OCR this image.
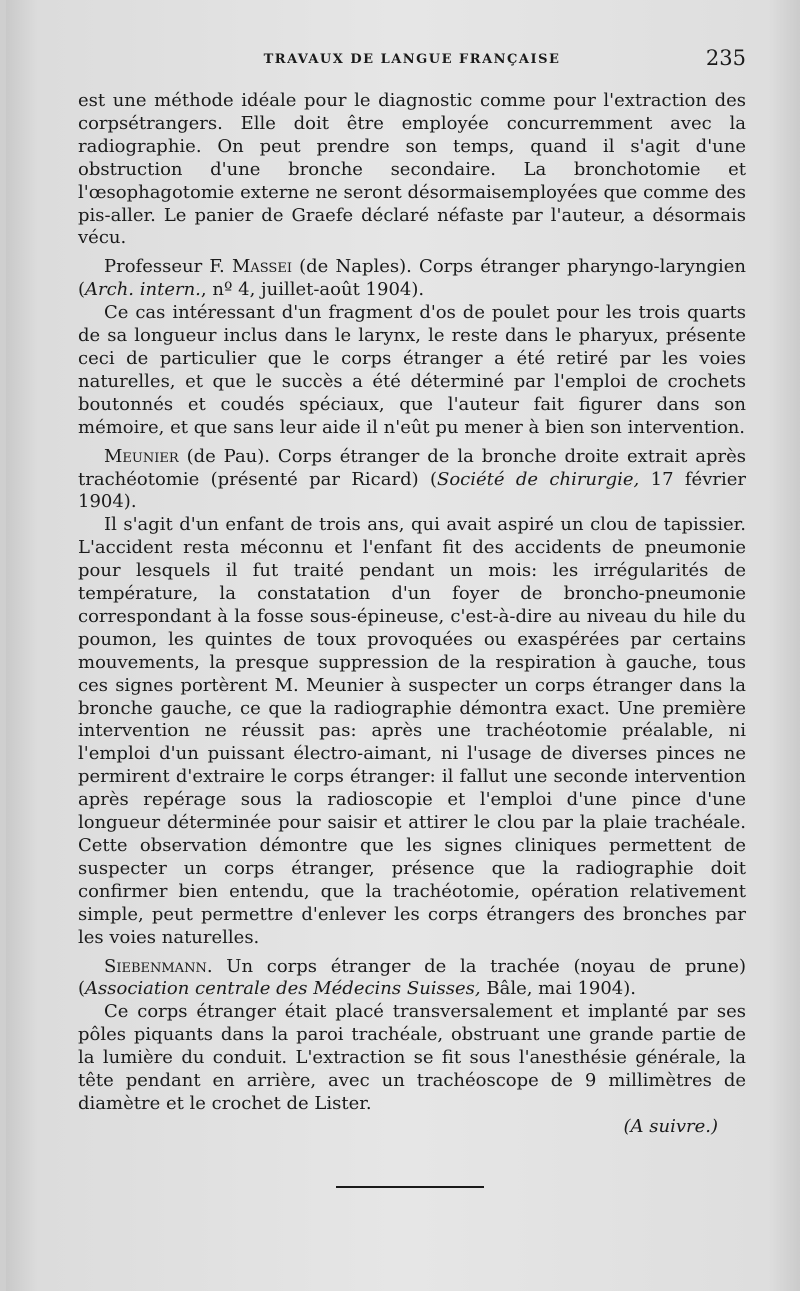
TRAVAUX DE LANGUE FRANÇAISE	235

est une méthode idéale pour le diagnostic comme pour l'extraction des corpsétrangers. Elle doit être employée concurremment avec la radiographie. On peut prendre son temps, quand il s'agit d'une obstruction d'une bronche secondaire. La bronchotomie et l'œsophagotomie externe ne seront désormaisemployées que comme des pis-aller. Le panier de Graefe déclaré néfaste par l'auteur, a désormais vécu.

Professeur F. Massei (de Naples). Corps étranger pharyngo-laryngien (Arch. intern., nº 4, juillet-août 1904).

Ce cas intéressant d'un fragment d'os de poulet pour les trois quarts de sa longueur inclus dans le larynx, le reste dans le pharyux, présente ceci de particulier que le corps étranger a été retiré par les voies naturelles, et que le succès a été déterminé par l'emploi de crochets boutonnés et coudés spéciaux, que l'auteur fait figurer dans son mémoire, et que sans leur aide il n'eût pu mener à bien son intervention.

Meunier (de Pau). Corps étranger de la bronche droite extrait après trachéotomie (présenté par Ricard) (Société de chirurgie, 17 février 1904).

Il s'agit d'un enfant de trois ans, qui avait aspiré un clou de tapissier. L'accident resta méconnu et l'enfant fit des accidents de pneumonie pour lesquels il fut traité pendant un mois: les irrégularités de température, la constatation d'un foyer de broncho-pneumonie correspondant à la fosse sous-épineuse, c'est-à-dire au niveau du hile du poumon, les quintes de toux provoquées ou exaspérées par certains mouvements, la presque suppression de la respiration à gauche, tous ces signes portèrent M. Meunier à suspecter un corps étranger dans la bronche gauche, ce que la radiographie démontra exact. Une première intervention ne réussit pas: après une trachéotomie préalable, ni l'emploi d'un puissant électro-aimant, ni l'usage de diverses pinces ne permirent d'extraire le corps étranger: il fallut une seconde intervention après repérage sous la radioscopie et l'emploi d'une pince d'une longueur déterminée pour saisir et attirer le clou par la plaie trachéale. Cette observation démontre que les signes cliniques permettent de suspecter un corps étranger, présence que la radiographie doit confirmer bien entendu, que la trachéotomie, opération relativement simple, peut permettre d'enlever les corps étrangers des bronches par les voies naturelles.

Siebenmann. Un corps étranger de la trachée (noyau de prune) (Association centrale des Médecins Suisses, Bâle, mai 1904).

Ce corps étranger était placé transversalement et implanté par ses pôles piquants dans la paroi trachéale, obstruant une grande partie de la lumière du conduit. L'extraction se fit sous l'anesthésie générale, la tête pendant en arrière, avec un trachéoscope de 9 millimètres de diamètre et le crochet de Lister.

(A suivre.)
